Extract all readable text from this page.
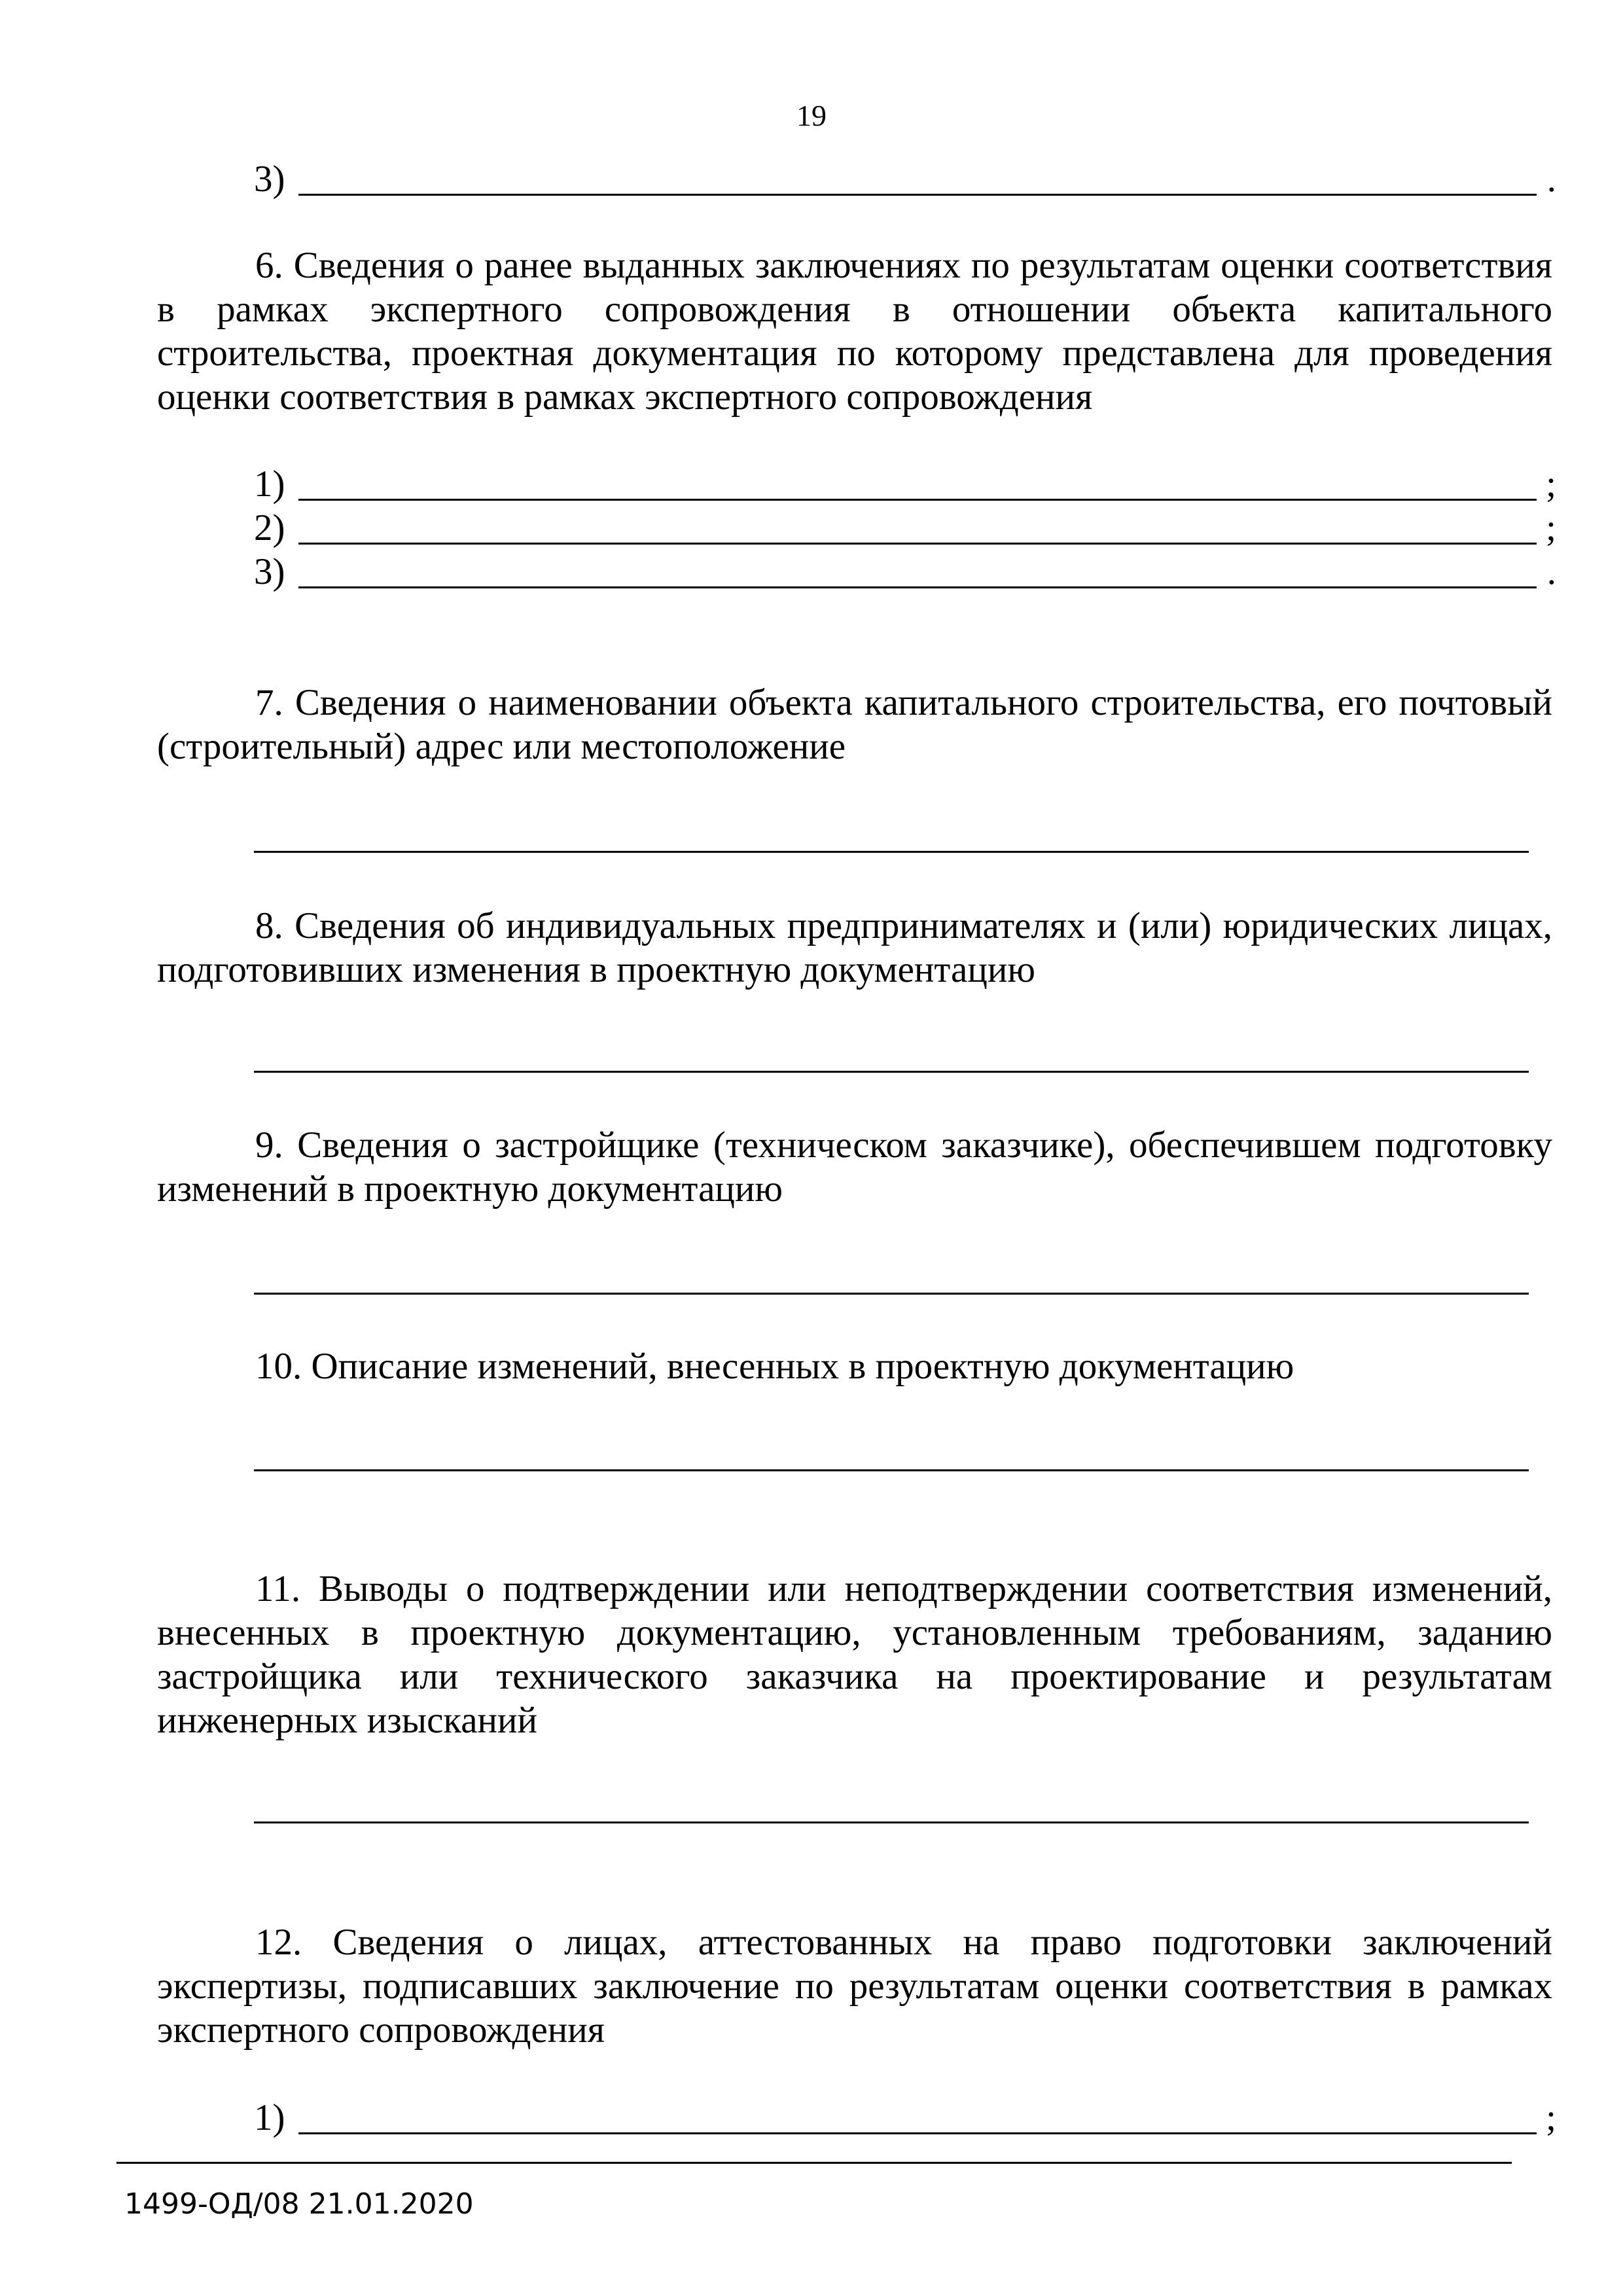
19
3)	.
6. Сведения о ранее выданных заключениях по результатам оценки соответствия в рамках экспертного сопровождения в отношении объекта капитального строительства, проектная документация по которому представлена для проведения оценки соответствия в рамках экспертного сопровождения
1)	;
2)	;
3)	.
7. Сведения о наименовании объекта капитального строительства, его почтовый (строительный) адрес или местоположение
8. Сведения об индивидуальных предпринимателях и (или) юридических лицах, подготовивших изменения в проектную документацию
9. Сведения о застройщике (техническом заказчике), обеспечившем подготовку изменений в проектную документацию
10. Описание изменений, внесенных в проектную документацию
11. Выводы о подтверждении или неподтверждении соответствия изменений, внесенных в проектную документацию, установленным требованиям, заданию застройщика или технического заказчика на проектирование и результатам инженерных изысканий
12. Сведения о лицах, аттестованных на право подготовки заключений экспертизы, подписавших заключение по результатам оценки соответствия в рамках экспертного сопровождения
1)	;
1499-ОД/08 21.01.2020
